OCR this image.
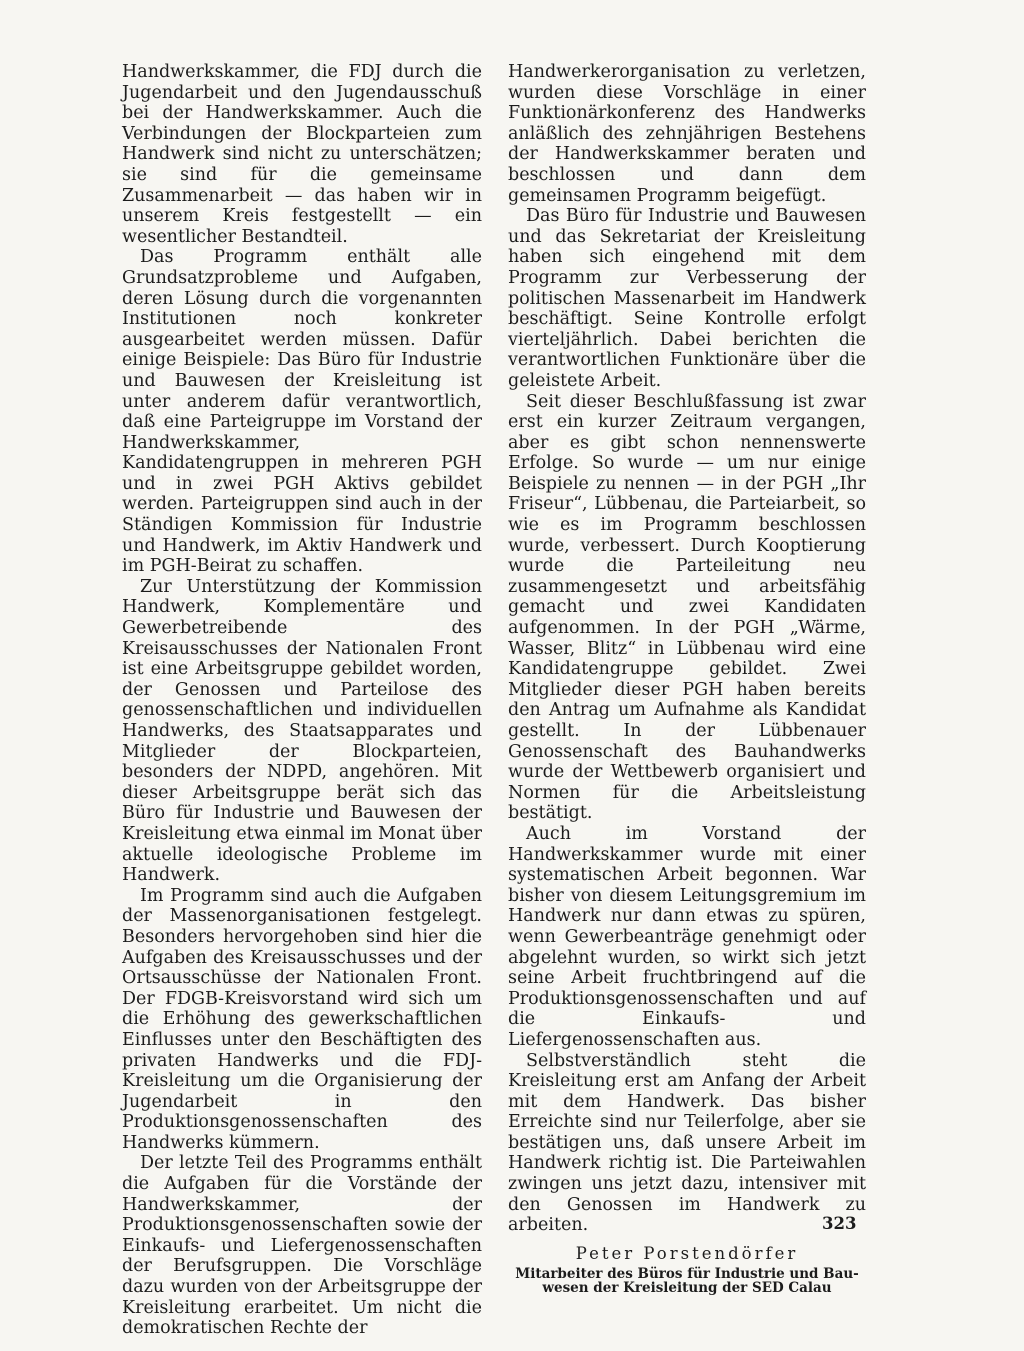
Handwerkskammer, die FDJ durch die Jugendarbeit und den Jugendausschuß bei der Handwerkskammer. Auch die Verbindungen der Blockparteien zum Handwerk sind nicht zu unterschätzen; sie sind für die gemeinsame Zusammenarbeit — das haben wir in unserem Kreis festgestellt — ein wesentlicher Bestandteil.

Das Programm enthält alle Grundsatzprobleme und Aufgaben, deren Lösung durch die vorgenannten Institutionen noch konkreter ausgearbeitet werden müssen. Dafür einige Beispiele: Das Büro für Industrie und Bauwesen der Kreisleitung ist unter anderem dafür verantwortlich, daß eine Parteigruppe im Vorstand der Handwerkskammer, Kandidatengruppen in mehreren PGH und in zwei PGH Aktivs gebildet werden. Parteigruppen sind auch in der Ständigen Kommission für Industrie und Handwerk, im Aktiv Handwerk und im PGH-Beirat zu schaffen.

Zur Unterstützung der Kommission Handwerk, Komplementäre und Gewerbetreibende des Kreisausschusses der Nationalen Front ist eine Arbeitsgruppe gebildet worden, der Genossen und Parteilose des genossenschaftlichen und individuellen Handwerks, des Staatsapparates und Mitglieder der Blockparteien, besonders der NDPD, angehören. Mit dieser Arbeitsgruppe berät sich das Büro für Industrie und Bauwesen der Kreisleitung etwa einmal im Monat über aktuelle ideologische Probleme im Handwerk.

Im Programm sind auch die Aufgaben der Massenorganisationen festgelegt. Besonders hervorgehoben sind hier die Aufgaben des Kreisausschusses und der Ortsausschüsse der Nationalen Front. Der FDGB-Kreisvorstand wird sich um die Erhöhung des gewerkschaftlichen Einflusses unter den Beschäftigten des privaten Handwerks und die FDJ-Kreisleitung um die Organisierung der Jugendarbeit in den Produktionsgenossenschaften des Handwerks kümmern.

Der letzte Teil des Programms enthält die Aufgaben für die Vorstände der Handwerkskammer, der Produktionsgenossenschaften sowie der Einkaufs- und Liefergenossenschaften der Berufsgruppen. Die Vorschläge dazu wurden von der Arbeitsgruppe der Kreisleitung erarbeitet. Um nicht die demokratischen Rechte der

Handwerkerorganisation zu verletzen, wurden diese Vorschläge in einer Funktionärkonferenz des Handwerks anläßlich des zehnjährigen Bestehens der Handwerkskammer beraten und beschlossen und dann dem gemeinsamen Programm beigefügt.

Das Büro für Industrie und Bauwesen und das Sekretariat der Kreisleitung haben sich eingehend mit dem Programm zur Verbesserung der politischen Massenarbeit im Handwerk beschäftigt. Seine Kontrolle erfolgt vierteljährlich. Dabei berichten die verantwortlichen Funktionäre über die geleistete Arbeit.

Seit dieser Beschlußfassung ist zwar erst ein kurzer Zeitraum vergangen, aber es gibt schon nennenswerte Erfolge. So wurde — um nur einige Beispiele zu nennen — in der PGH „Ihr Friseur“, Lübbenau, die Parteiarbeit, so wie es im Programm beschlossen wurde, verbessert. Durch Kooptierung wurde die Parteileitung neu zusammengesetzt und arbeitsfähig gemacht und zwei Kandidaten aufgenommen. In der PGH „Wärme, Wasser, Blitz“ in Lübbenau wird eine Kandidatengruppe gebildet. Zwei Mitglieder dieser PGH haben bereits den Antrag um Aufnahme als Kandidat gestellt. In der Lübbenauer Genossenschaft des Bauhandwerks wurde der Wettbewerb organisiert und Normen für die Arbeitsleistung bestätigt.

Auch im Vorstand der Handwerkskammer wurde mit einer systematischen Arbeit begonnen. War bisher von diesem Leitungsgremium im Handwerk nur dann etwas zu spüren, wenn Gewerbeanträge genehmigt oder abgelehnt wurden, so wirkt sich jetzt seine Arbeit fruchtbringend auf die Produktionsgenossenschaften und auf die Einkaufs- und Liefergenossenschaften aus.

Selbstverständlich steht die Kreisleitung erst am Anfang der Arbeit mit dem Handwerk. Das bisher Erreichte sind nur Teilerfolge, aber sie bestätigen uns, daß unsere Arbeit im Handwerk richtig ist. Die Parteiwahlen zwingen uns jetzt dazu, intensiver mit den Genossen im Handwerk zu arbeiten.

Peter Porstendörfer
Mitarbeiter des Büros für Industrie und Bau-
wesen der Kreisleitung der SED Calau
323
